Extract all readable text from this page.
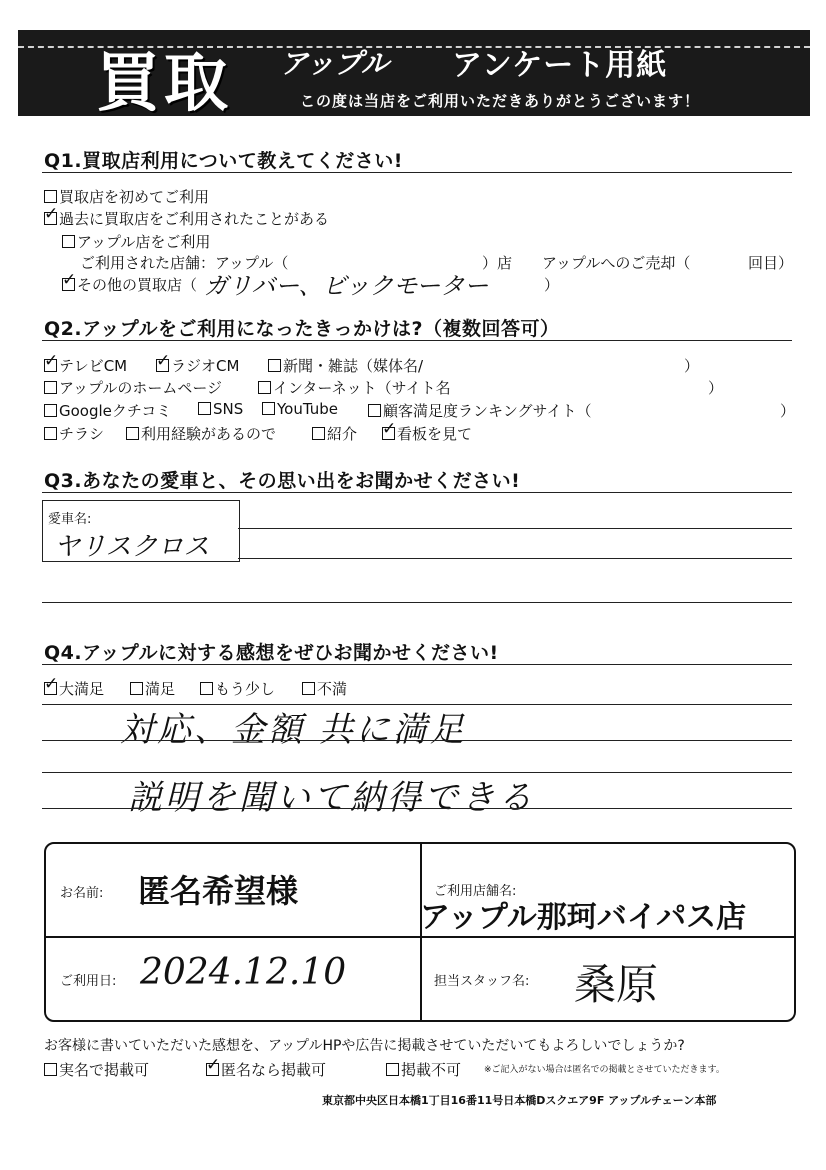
買取 アップル アンケート用紙
この度は当店をご利用いただきありがとうございます！
Q1.買取店利用について教えてください!
買取店を初めてご利用
✓過去に買取店をご利用されたことがある
アップル店をご利用
ご利用された店舗：アップル（	）店 アップルへのご売却（	回目）
✓その他の買取店（ ガリバー、ビックモーター	）
Q2.アップルをご利用になったきっかけは?（複数回答可）
✓テレビCM ✓	ラジオCM	新聞・雑誌（媒体名/	）
アップルのホームページ	インターネット（サイト名	）
Googleクチコミ	SNS	YouTube	顧客満足度ランキングサイト（	）
チラシ	利用経験があるので	紹介 ✓	看板を見て
Q3.あなたの愛車と、その思い出をお聞かせください!
愛車名:
ヤリスクロス
Q4.アップルに対する感想をぜひお聞かせください!
✓大満足	満足	もう少し	不満
対応、金額 共に満足
説明を聞いて納得できる
お名前: 匿名希望様	ご利用店舗名:
アップル那珂バイパス店
ご利用日: 2024.12.10	担当スタッフ名: 桑原
お客様に書いていただいた感想を、アップルHPや広告に掲載させていただいてもよろしいでしょうか?
実名で掲載可 ✓	匿名なら掲載可	掲載不可	※ご記入がない場合は匿名での掲載とさせていただきます。
東京都中央区日本橋1丁目16番11号日本橋Dスクエア9F アップルチェーン本部
